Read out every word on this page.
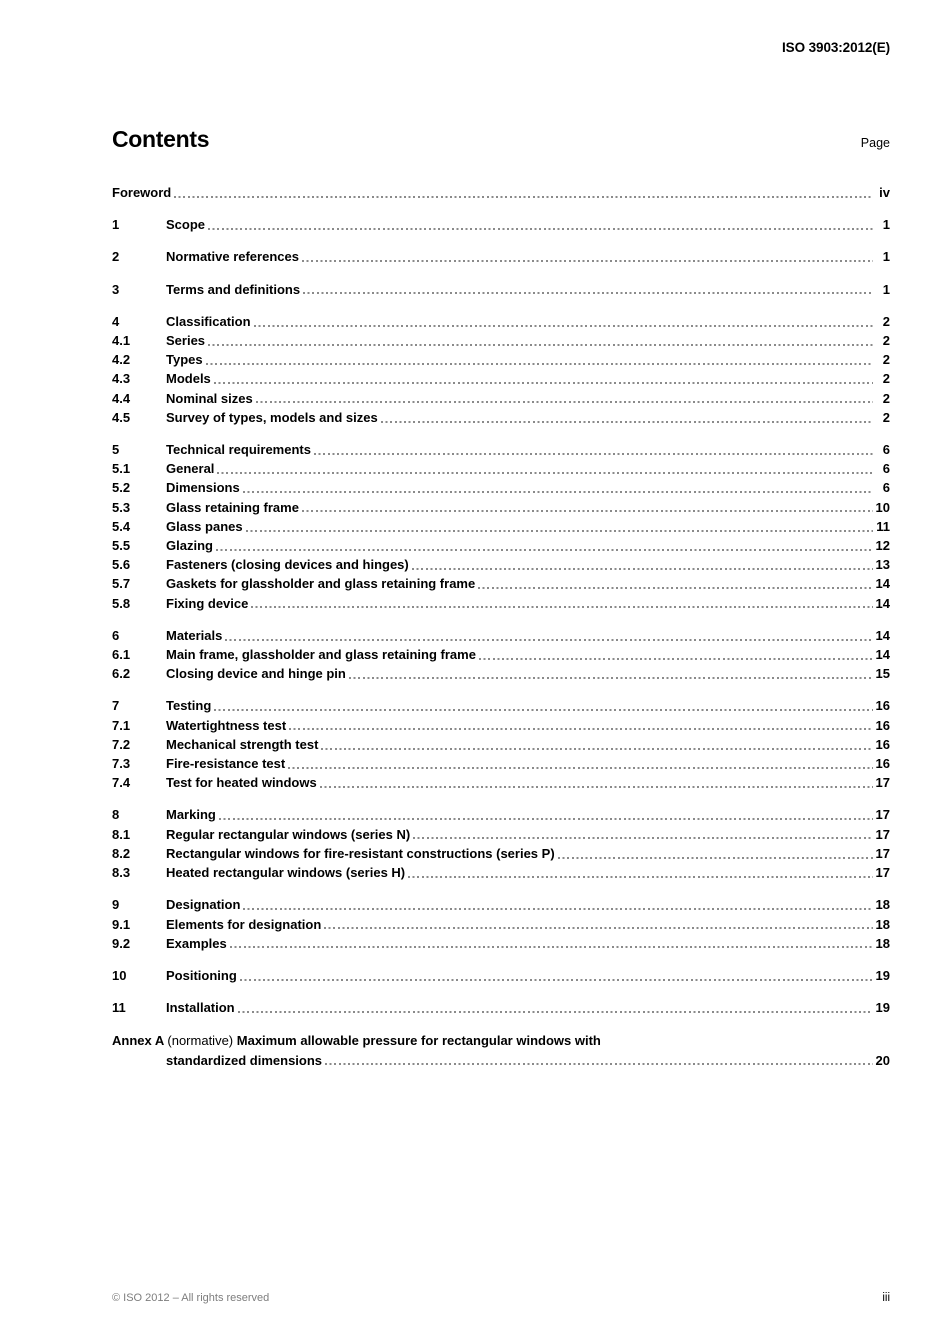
ISO 3903:2012(E)
Contents	Page
Foreword	iv
1	Scope	1
2	Normative references	1
3	Terms and definitions	1
4	Classification	2
4.1	Series	2
4.2	Types	2
4.3	Models	2
4.4	Nominal sizes	2
4.5	Survey of types, models and sizes	2
5	Technical requirements	6
5.1	General	6
5.2	Dimensions	6
5.3	Glass retaining frame	10
5.4	Glass panes	11
5.5	Glazing	12
5.6	Fasteners (closing devices and hinges)	13
5.7	Gaskets for glassholder and glass retaining frame	14
5.8	Fixing device	14
6	Materials	14
6.1	Main frame, glassholder and glass retaining frame	14
6.2	Closing device and hinge pin	15
7	Testing	16
7.1	Watertightness test	16
7.2	Mechanical strength test	16
7.3	Fire-resistance test	16
7.4	Test for heated windows	17
8	Marking	17
8.1	Regular rectangular windows (series N)	17
8.2	Rectangular windows for fire-resistant constructions (series P)	17
8.3	Heated rectangular windows (series H)	17
9	Designation	18
9.1	Elements for designation	18
9.2	Examples	18
10	Positioning	19
11	Installation	19
Annex A (normative) Maximum allowable pressure for rectangular windows with
standardized dimensions	20
© ISO 2012 – All rights reserved	iii
